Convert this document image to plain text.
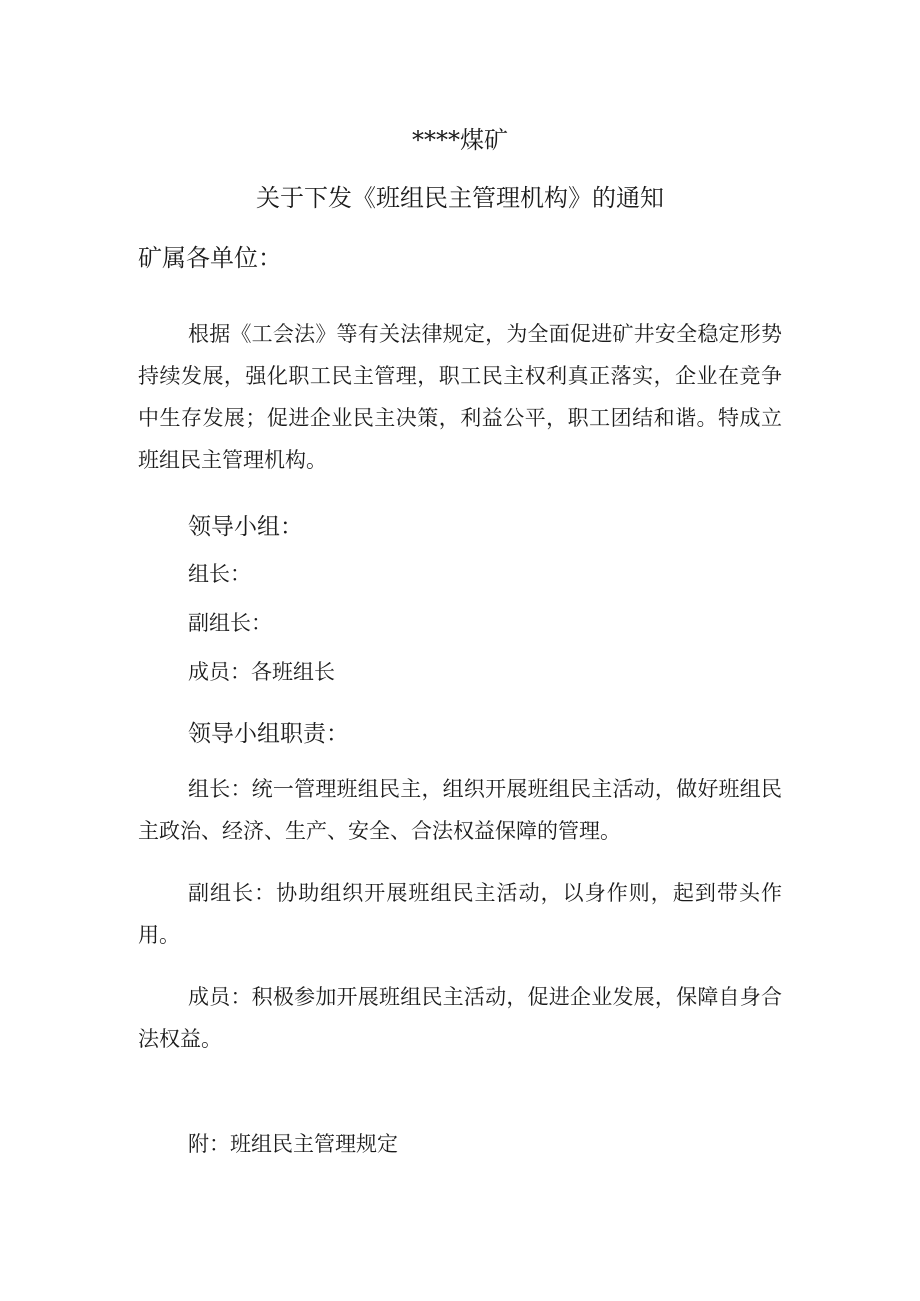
****煤矿
关于下发《班组民主管理机构》的通知
矿属各单位：

根据《工会法》等有关法律规定，为全面促进矿井安全稳定形势持续发展，强化职工民主管理，职工民主权利真正落实，企业在竞争中生存发展；促进企业民主决策，利益公平，职工团结和谐。特成立班组民主管理机构。

领导小组：
组长：
副组长：
成员：各班组长
领导小组职责：

组长：统一管理班组民主，组织开展班组民主活动，做好班组民主政治、经济、生产、安全、合法权益保障的管理。

副组长：协助组织开展班组民主活动，以身作则，起到带头作用。

成员：积极参加开展班组民主活动，促进企业发展，保障自身合法权益。

附：班组民主管理规定
